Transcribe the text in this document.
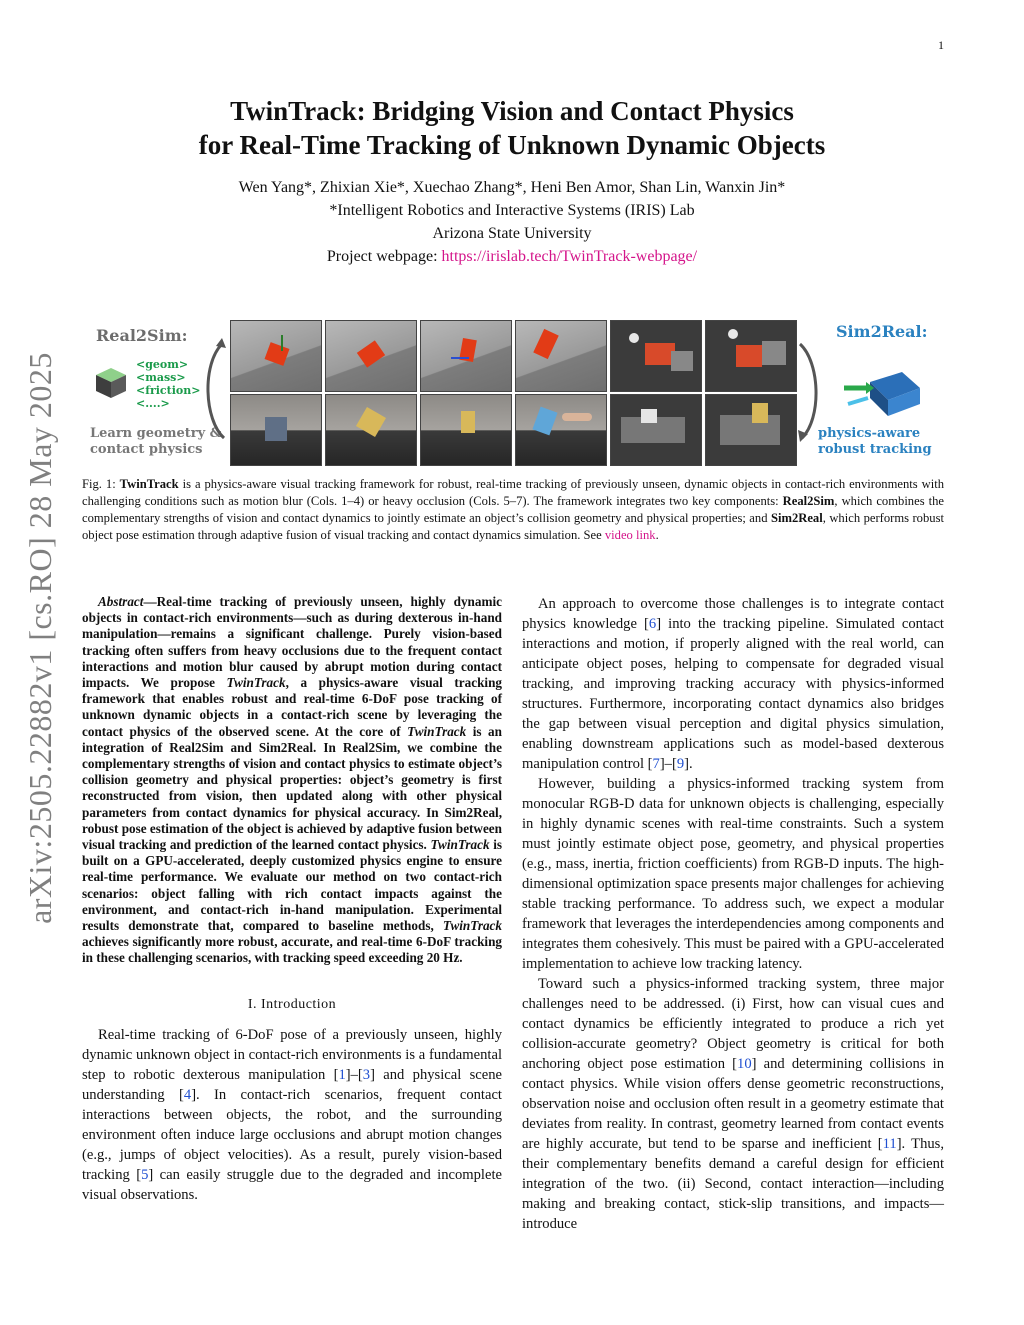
1
arXiv:2505.22882v1 [cs.RO] 28 May 2025
TwinTrack: Bridging Vision and Contact Physics
for Real-Time Tracking of Unknown Dynamic Objects
Wen Yang*, Zhixian Xie*, Xuechao Zhang*, Heni Ben Amor, Shan Lin, Wanxin Jin*
*Intelligent Robotics and Interactive Systems (IRIS) Lab
Arizona State University
Project webpage: https://irislab.tech/TwinTrack-webpage/
Real2Sim:
<geom>
<mass>
<friction>
<....>
Learn geometry &
contact physics
Sim2Real:
physics-aware
robust tracking
Fig. 1: TwinTrack is a physics-aware visual tracking framework for robust, real-time tracking of previously unseen, dynamic objects in contact-rich environments with challenging conditions such as motion blur (Cols. 1–4) or heavy occlusion (Cols. 5–7). The framework integrates two key components: Real2Sim, which combines the complementary strengths of vision and contact dynamics to jointly estimate an object’s collision geometry and physical properties; and Sim2Real, which performs robust object pose estimation through adaptive fusion of visual tracking and contact dynamics simulation. See video link.

Abstract—Real-time tracking of previously unseen, highly dynamic objects in contact-rich environments—such as during dexterous in-hand manipulation—remains a significant challenge. Purely vision-based tracking often suffers from heavy occlusions due to the frequent contact interactions and motion blur caused by abrupt motion during contact impacts. We propose TwinTrack, a physics-aware visual tracking framework that enables robust and real-time 6-DoF pose tracking of unknown dynamic objects in a contact-rich scene by leveraging the contact physics of the observed scene. At the core of TwinTrack is an integration of Real2Sim and Sim2Real. In Real2Sim, we combine the complementary strengths of vision and contact physics to estimate object’s collision geometry and physical properties: object’s geometry is first reconstructed from vision, then updated along with other physical parameters from contact dynamics for physical accuracy. In Sim2Real, robust pose estimation of the object is achieved by adaptive fusion between visual tracking and prediction of the learned contact physics. TwinTrack is built on a GPU-accelerated, deeply customized physics engine to ensure real-time performance. We evaluate our method on two contact-rich scenarios: object falling with rich contact impacts against the environment, and contact-rich in-hand manipulation. Experimental results demonstrate that, compared to baseline methods, TwinTrack achieves significantly more robust, accurate, and real-time 6-DoF tracking in these challenging scenarios, with tracking speed exceeding 20 Hz.

I. Introduction

Real-time tracking of 6-DoF pose of a previously unseen, highly dynamic unknown object in contact-rich environments is a fundamental step to robotic dexterous manipulation [1]–[3] and physical scene understanding [4]. In contact-rich scenarios, frequent contact interactions between objects, the robot, and the surrounding environment often induce large occlusions and abrupt motion changes (e.g., jumps of object velocities). As a result, purely vision-based tracking [5] can easily struggle due to the degraded and incomplete visual observations.

An approach to overcome those challenges is to integrate contact physics knowledge [6] into the tracking pipeline. Simulated contact interactions and motion, if properly aligned with the real world, can anticipate object poses, helping to compensate for degraded visual tracking, and improving tracking accuracy with physics-informed structures. Furthermore, incorporating contact dynamics also bridges the gap between visual perception and digital physics simulation, enabling downstream applications such as model-based dexterous manipulation control [7]–[9].

However, building a physics-informed tracking system from monocular RGB-D data for unknown objects is challenging, especially in highly dynamic scenes with real-time constraints. Such a system must jointly estimate object pose, geometry, and physical properties (e.g., mass, inertia, friction coefficients) from RGB-D inputs. The high-dimensional optimization space presents major challenges for achieving stable tracking performance. To address such, we expect a modular framework that leverages the interdependencies among components and integrates them cohesively. This must be paired with a GPU-accelerated implementation to achieve low tracking latency.

Toward such a physics-informed tracking system, three major challenges need to be addressed. (i) First, how can visual cues and contact dynamics be efficiently integrated to produce a rich yet collision-accurate geometry? Object geometry is critical for both anchoring object pose estimation [10] and determining collisions in contact physics. While vision offers dense geometric reconstructions, observation noise and occlusion often result in a geometry estimate that deviates from reality. In contrast, geometry learned from contact events are highly accurate, but tend to be sparse and inefficient [11]. Thus, their complementary benefits demand a careful design for efficient integration of the two. (ii) Second, contact interaction—including making and breaking contact, stick-slip transitions, and impacts—introduce
